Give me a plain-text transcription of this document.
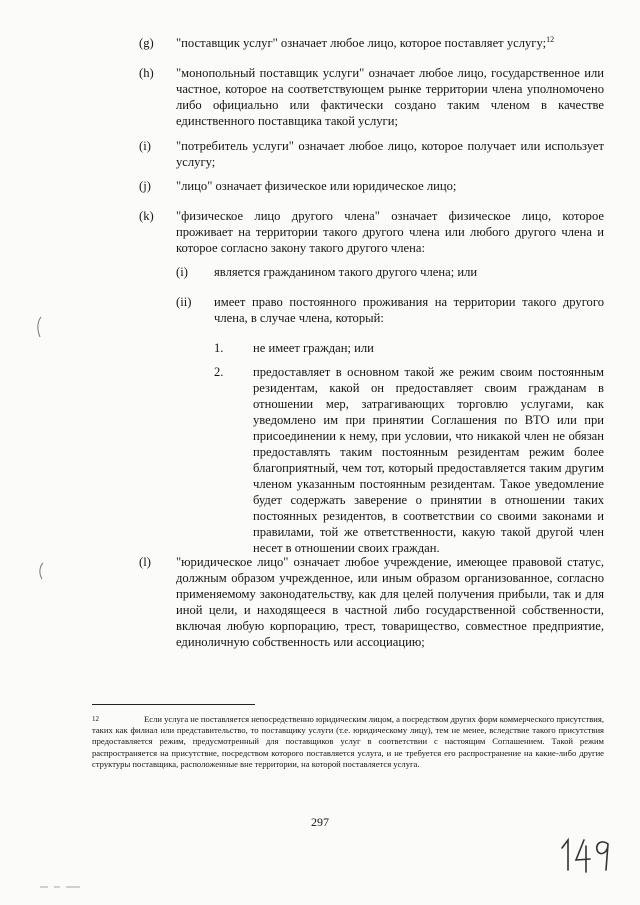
(g) "поставщик услуг" означает любое лицо, которое поставляет услугу;$^{12}$

(h) "монопольный поставщик услуги" означает любое лицо, государственное или частное, которое на соответствующем рынке территории члена уполномочено либо официально или фактически создано таким членом в качестве единственного поставщика такой услуги;

(i) "потребитель услуги" означает любое лицо, которое получает или использует услугу;

(j) "лицо" означает физическое или юридическое лицо;

(k) "физическое лицо другого члена" означает физическое лицо, которое проживает на территории такого другого члена или любого другого члена и которое согласно закону такого другого члена:

(i) является гражданином такого другого члена; или

(ii) имеет право постоянного проживания на территории такого другого члена, в случае члена, который:

1. не имеет граждан; или

2. предоставляет в основном такой же режим своим постоянным резидентам, какой он предоставляет своим гражданам в отношении мер, затрагивающих торговлю услугами, как уведомлено им при принятии Соглашения по ВТО или при присоединении к нему, при условии, что никакой член не обязан предоставлять таким постоянным резидентам режим более благоприятный, чем тот, который предоставляется таким другим членом указанным постоянным резидентам. Такое уведомление будет содержать заверение о принятии в отношении таких постоянных резидентов, в соответствии со своими законами и правилами, той же ответственности, какую такой другой член несет в отношении своих граждан.

(l) "юридическое лицо" означает любое учреждение, имеющее правовой статус, должным образом учрежденное, или иным образом организованное, согласно применяемому законодательству, как для целей получения прибыли, так и для иной цели, и находящееся в частной либо государственной собственности, включая любую корпорацию, трест, товарищество, совместное предприятие, единоличную собственность или ассоциацию;

12	Если услуга не поставляется непосредственно юридическим лицом, а посредством других форм коммерческого присутствия, таких как филиал или представительство, то поставщику услуги (т.е. юридическому лицу), тем не менее, вследствие такого присутствия предоставляется режим, предусмотренный для поставщиков услуг в соответствии с настоящим Соглашением. Такой режим распространяется на присутствие, посредством которого поставляется услуга, и не требуется его распространение на какие-либо другие структуры поставщика, расположенные вне территории, на которой поставляется услуга.

297
